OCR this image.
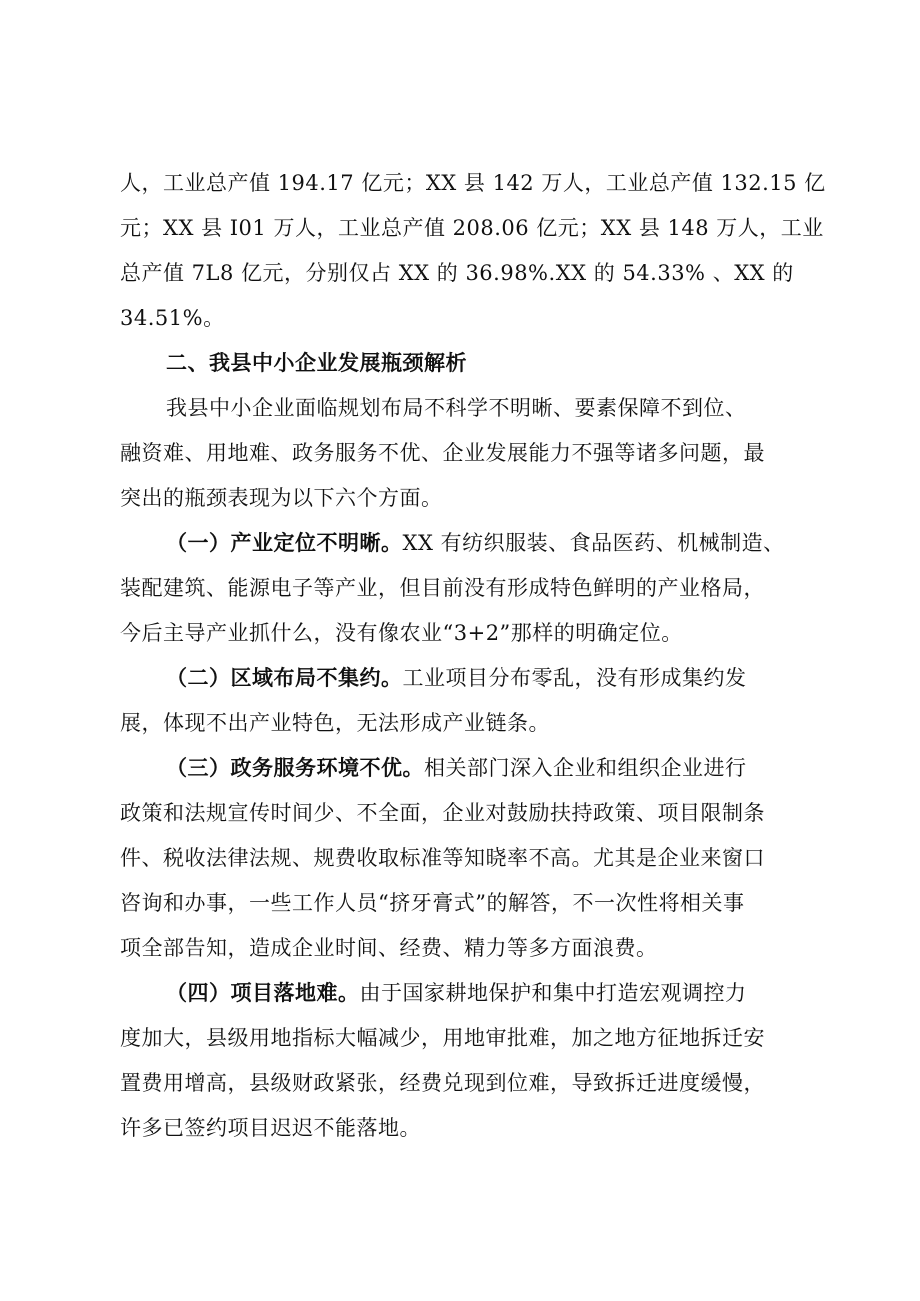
人，工业总产值 194.17 亿元；XX 县 142 万人，工业总产值 132.15 亿
元；XX 县 I01 万人，工业总产值 208.06 亿元；XX 县 148 万人，工业
总产值 7L8 亿元，分别仅占 XX 的 36.98%.XX 的 54.33% 、XX 的
34.51%。
二、我县中小企业发展瓶颈解析
我县中小企业面临规划布局不科学不明晰、要素保障不到位、
融资难、用地难、政务服务不优、企业发展能力不强等诸多问题，最
突出的瓶颈表现为以下六个方面。
（一）产业定位不明晰。XX 有纺织服装、食品医药、机械制造、
装配建筑、能源电子等产业，但目前没有形成特色鲜明的产业格局，
今后主导产业抓什么，没有像农业“3+2”那样的明确定位。
（二）区域布局不集约。工业项目分布零乱，没有形成集约发
展，体现不出产业特色，无法形成产业链条。
（三）政务服务环境不优。相关部门深入企业和组织企业进行
政策和法规宣传时间少、不全面，企业对鼓励扶持政策、项目限制条
件、税收法律法规、规费收取标准等知晓率不高。尤其是企业来窗口
咨询和办事，一些工作人员“挤牙膏式”的解答，不一次性将相关事
项全部告知，造成企业时间、经费、精力等多方面浪费。
（四）项目落地难。由于国家耕地保护和集中打造宏观调控力
度加大，县级用地指标大幅减少，用地审批难，加之地方征地拆迁安
置费用增高，县级财政紧张，经费兑现到位难，导致拆迁进度缓慢，
许多已签约项目迟迟不能落地。
